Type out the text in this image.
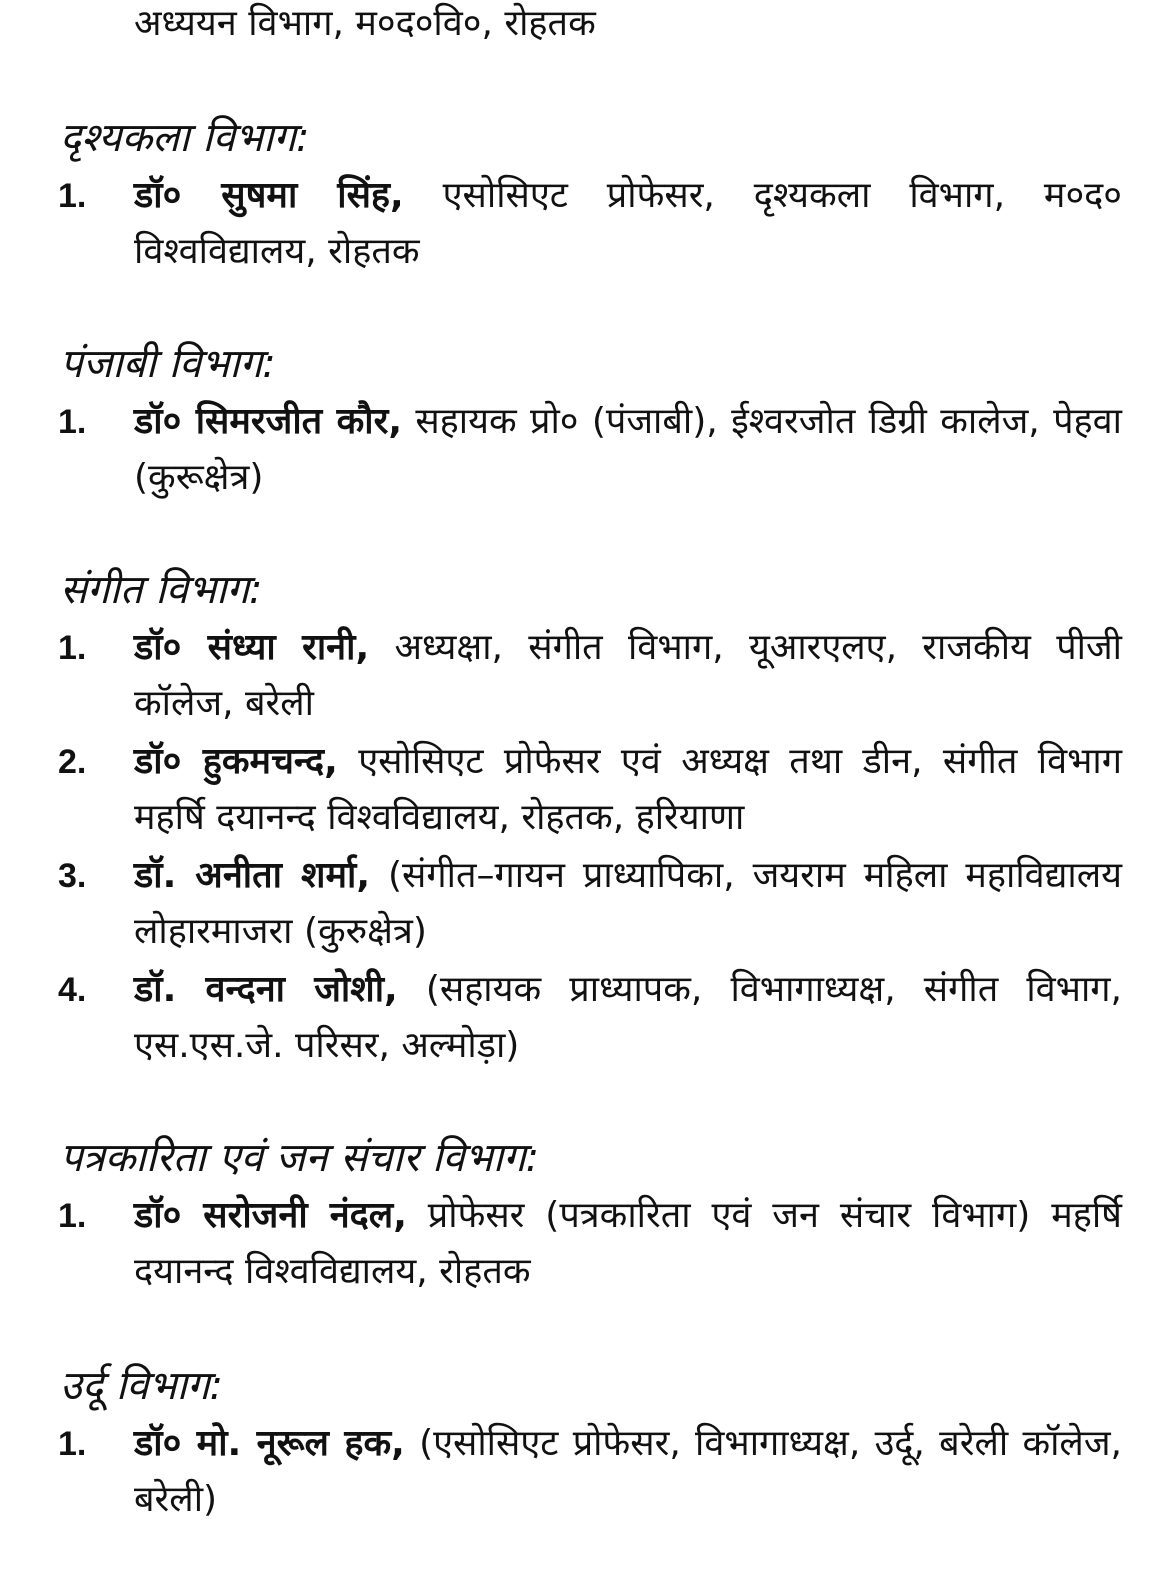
अध्ययन विभाग, म०द०वि०, रोहतक
दृश्यकला विभाग:
1. डॉ० सुषमा सिंह, एसोसिएट प्रोफेसर, दृश्यकला विभाग, म०द० विश्वविद्यालय, रोहतक
पंजाबी विभाग:
1. डॉ० सिमरजीत कौर, सहायक प्रो० (पंजाबी), ईश्वरजोत डिग्री कालेज, पेहवा (कुरूक्षेत्र)
संगीत विभाग:
1. डॉ० संध्या रानी, अध्यक्षा, संगीत विभाग, यूआरएलए, राजकीय पीजी कॉलेज, बरेली
2. डॉ० हुकमचन्द, एसोसिएट प्रोफेसर एवं अध्यक्ष तथा डीन, संगीत विभाग महर्षि दयानन्द विश्वविद्यालय, रोहतक, हरियाणा
3. डॉ. अनीता शर्मा, (संगीत–गायन प्राध्यापिका, जयराम महिला महाविद्यालय लोहारमाजरा (कुरुक्षेत्र)
4. डॉ. वन्दना जोशी, (सहायक प्राध्यापक, विभागाध्यक्ष, संगीत विभाग, एस.एस.जे. परिसर, अल्मोड़ा)
पत्रकारिता एवं जन संचार विभाग:
1. डॉ० सरोजनी नंदल, प्रोफेसर (पत्रकारिता एवं जन संचार विभाग) महर्षि दयानन्द विश्वविद्यालय, रोहतक
उर्दू विभाग:
1. डॉ० मो. नूरूल हक, (एसोसिएट प्रोफेसर, विभागाध्यक्ष, उर्दू, बरेली कॉलेज, बरेली)
